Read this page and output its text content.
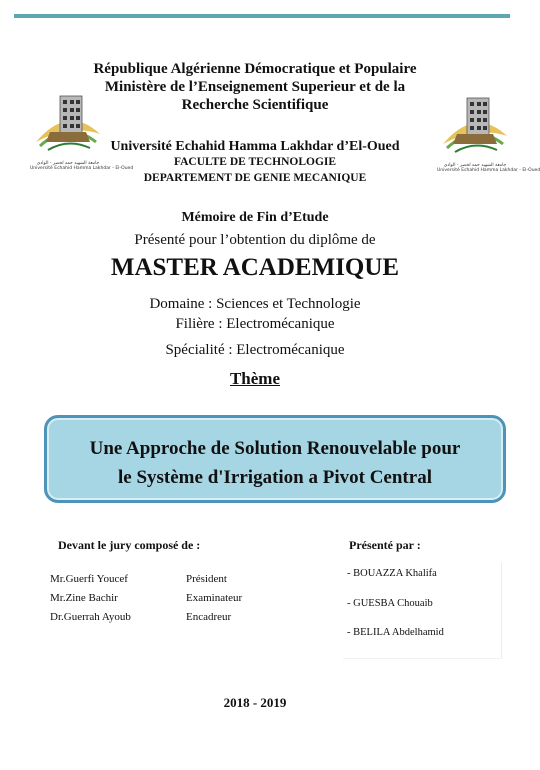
جامعة الشهيد حمه لخضر - الوادي
Université Echahid Hamma Lakhdar - El-Oued
جامعة الشهيد حمه لخضر - الوادي
Université Echahid Hamma Lakhdar - El-Oued
République Algérienne Démocratique et Populaire
Ministère de l’Enseignement Superieur et de la
Recherche Scientifique
Université Echahid Hamma Lakhdar d’El-Oued
FACULTE DE TECHNOLOGIE
DEPARTEMENT DE GENIE MECANIQUE
Mémoire de Fin d’Etude
Présenté pour l’obtention du diplôme de
MASTER ACADEMIQUE
Domaine : Sciences et Technologie
Filière : Electromécanique
Spécialité : Electromécanique
Thème
Une Approche de Solution Renouvelable pour
le Système d'Irrigation a Pivot Central
Devant le jury composé de :
Mr.Guerfi Youcef	Président
Mr.Zine Bachir	Examinateur
Dr.Guerrah Ayoub	Encadreur
Présenté par :
- BOUAZZA Khalifa
- GUESBA Chouaib
- BELILA Abdelhamid
2018 - 2019
